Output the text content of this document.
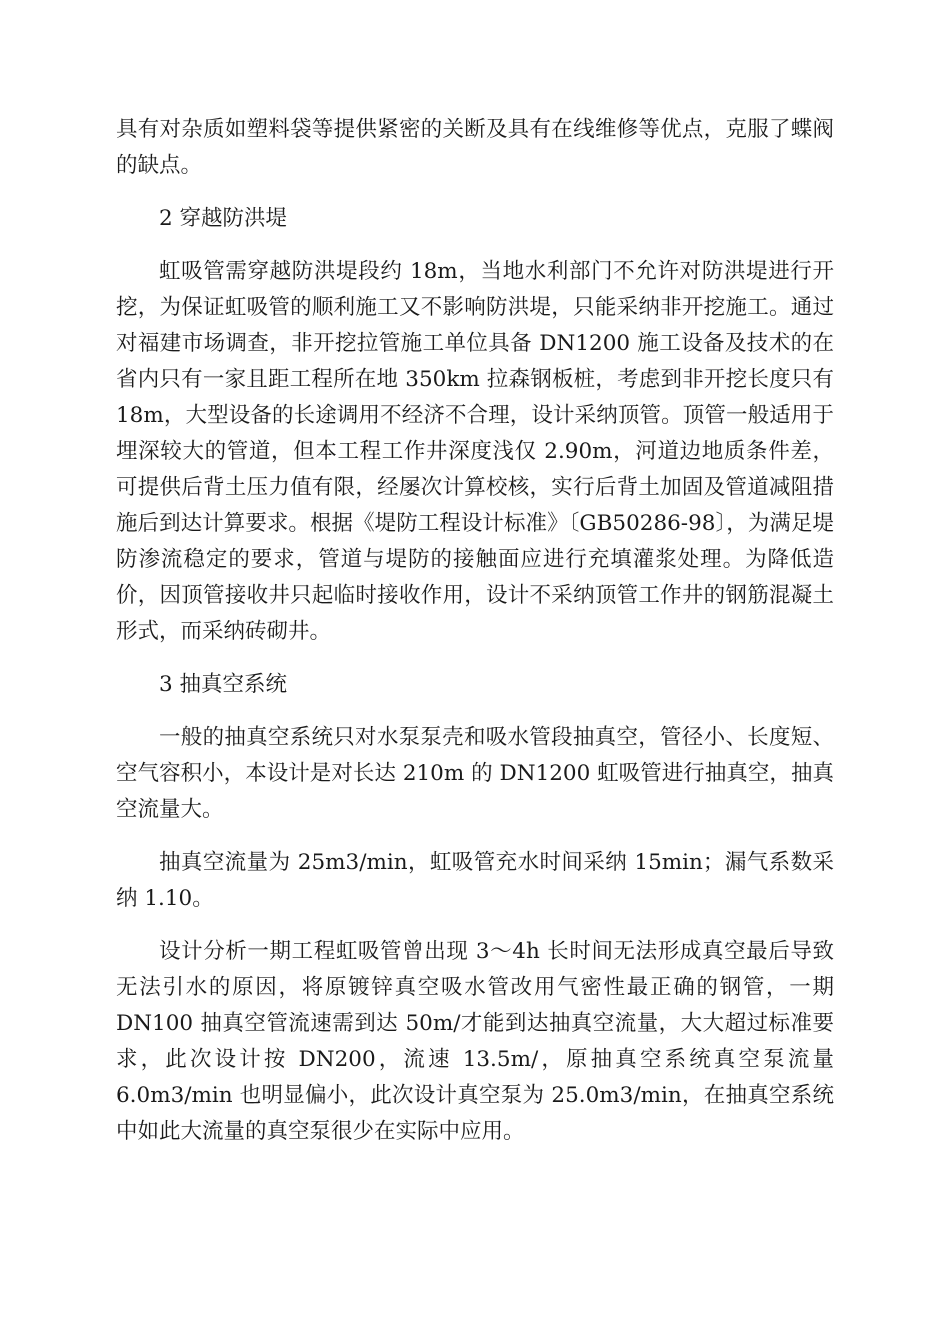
具有对杂质如塑料袋等提供紧密的关断及具有在线维修等优点，克服了蝶阀的缺点。

2 穿越防洪堤

虹吸管需穿越防洪堤段约 18m，当地水利部门不允许对防洪堤进行开挖，为保证虹吸管的顺利施工又不影响防洪堤，只能采纳非开挖施工。通过对福建市场调查，非开挖拉管施工单位具备 DN1200 施工设备及技术的在省内只有一家且距工程所在地 350km 拉森钢板桩，考虑到非开挖长度只有 18m，大型设备的长途调用不经济不合理，设计采纳顶管。顶管一般适用于埋深较大的管道，但本工程工作井深度浅仅 2.90m，河道边地质条件差，可提供后背土压力值有限，经屡次计算校核，实行后背土加固及管道减阻措施后到达计算要求。根据《堤防工程设计标准》〔GB50286-98〕，为满足堤防渗流稳定的要求，管道与堤防的接触面应进行充填灌浆处理。为降低造价，因顶管接收井只起临时接收作用，设计不采纳顶管工作井的钢筋混凝土形式，而采纳砖砌井。

3 抽真空系统

一般的抽真空系统只对水泵泵壳和吸水管段抽真空，管径小、长度短、空气容积小，本设计是对长达 210m 的 DN1200 虹吸管进行抽真空，抽真空流量大。

抽真空流量为 25m3/min，虹吸管充水时间采纳 15min；漏气系数采纳 1.10。

设计分析一期工程虹吸管曾出现 3～4h 长时间无法形成真空最后导致无法引水的原因，将原镀锌真空吸水管改用气密性最正确的钢管，一期 DN100 抽真空管流速需到达 50m/才能到达抽真空流量，大大超过标准要求，此次设计按 DN200，流速 13.5m/，原抽真空系统真空泵流量 6.0m3/min 也明显偏小，此次设计真空泵为 25.0m3/min，在抽真空系统中如此大流量的真空泵很少在实际中应用。
